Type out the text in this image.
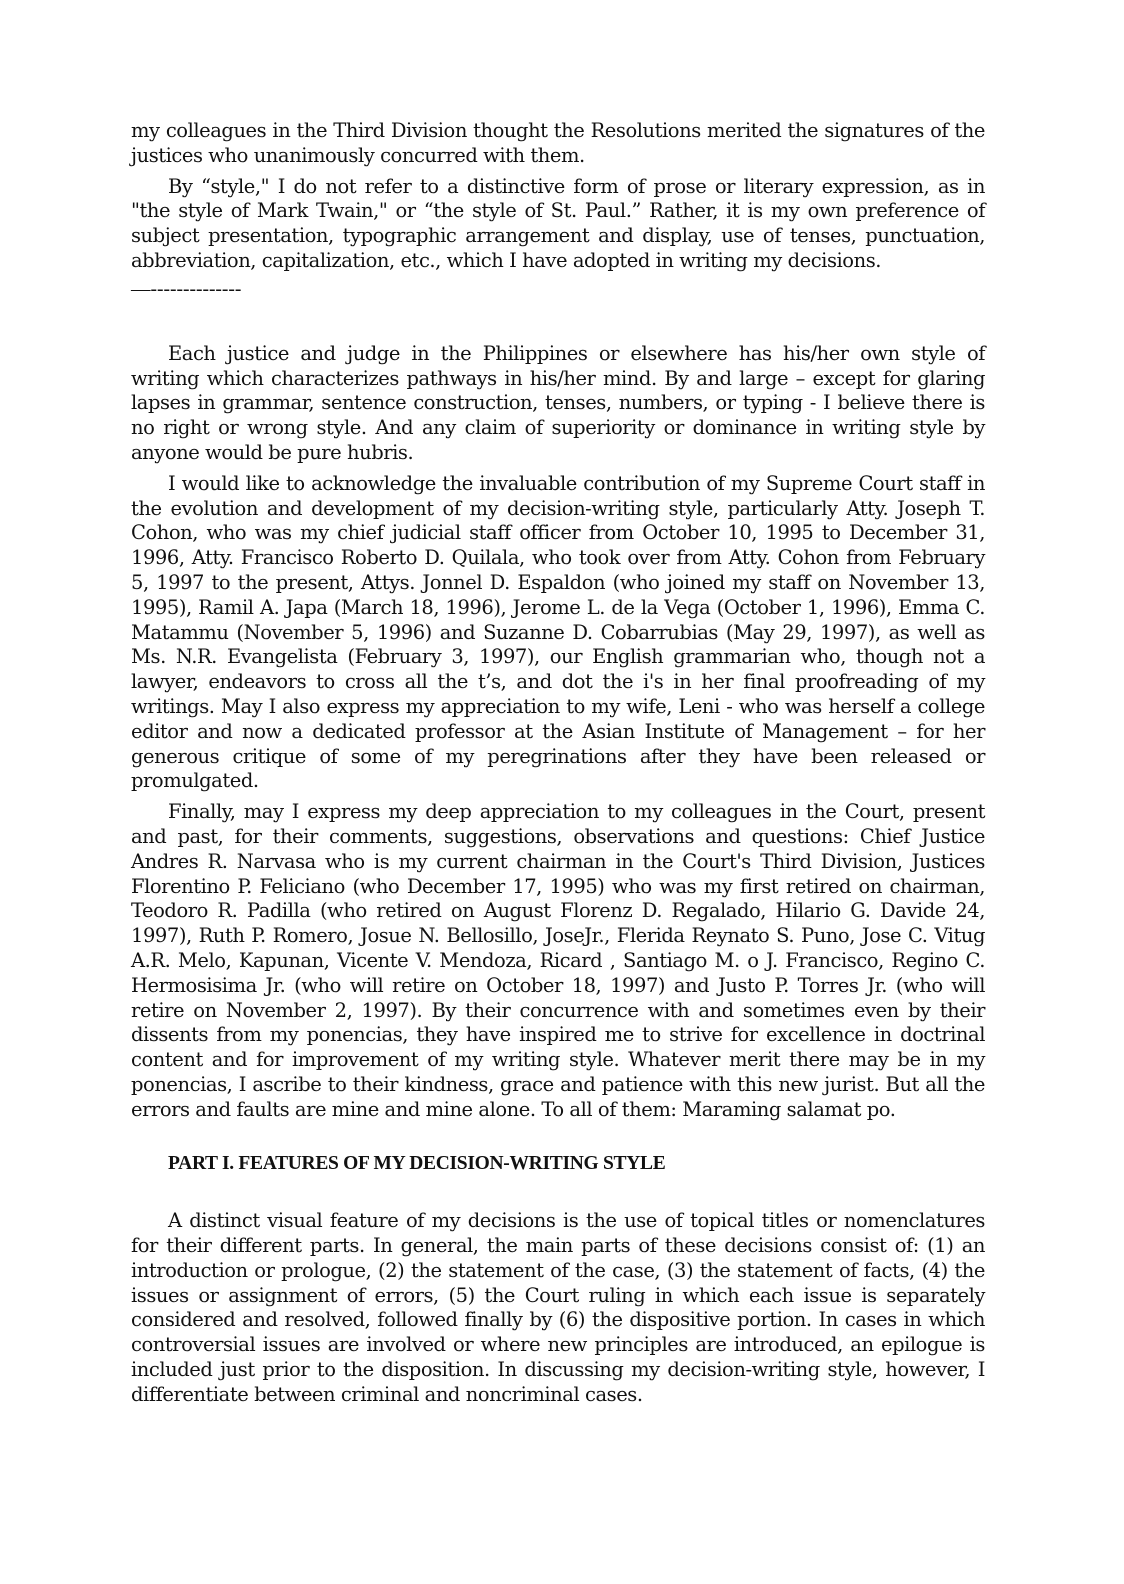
my colleagues in the Third Division thought the Resolutions merited the signatures of the justices who unanimously concurred with them.

By “style," I do not refer to a distinctive form of prose or literary expression, as in "the style of Mark Twain," or “the style of St. Paul.” Rather, it is my own preference of subject presentation, typographic arrangement and display, use of tenses, punctuation, abbreviation, capitalization, etc., which I have adopted in writing my decisions.

—--------------

Each justice and judge in the Philippines or elsewhere has his/her own style of writing which characterizes pathways in his/her mind. By and large – except for glaring lapses in grammar, sentence construction, tenses, numbers, or typing - I believe there is no right or wrong style. And any claim of superiority or dominance in writing style by anyone would be pure hubris.

I would like to acknowledge the invaluable contribution of my Supreme Court staff in the evolution and development of my decision-writing style, particularly Atty. Joseph T. Cohon, who was my chief judicial staff officer from October 10, 1995 to December 31, 1996, Atty. Francisco Roberto D. Quilala, who took over from Atty. Cohon from February 5, 1997 to the present, Attys. Jonnel D. Espaldon (who joined my staff on November 13, 1995), Ramil A. Japa (March 18, 1996), Jerome L. de la Vega (October 1, 1996), Emma C. Matammu (November 5, 1996) and Suzanne D. Cobarrubias (May 29, 1997), as well as Ms. N.R. Evangelista (February 3, 1997), our English grammarian who, though not a lawyer, endeavors to cross all the t’s, and dot the i's in her final proofreading of my writings. May I also express my appreciation to my wife, Leni - who was herself a college editor and now a dedicated professor at the Asian Institute of Management – for her generous critique of some of my peregrinations after they have been released or promulgated.

Finally, may I express my deep appreciation to my colleagues in the Court, present and past, for their comments, suggestions, observations and questions: Chief Justice Andres R. Narvasa who is my current chairman in the Court's Third Division, Justices Florentino P. Feliciano (who December 17, 1995) who was my first retired on chairman, Teodoro R. Padilla (who retired on August Florenz D. Regalado, Hilario G. Davide 24, 1997), Ruth P. Romero, Josue N. Bellosillo, JoseJr., Flerida Reynato S. Puno, Jose C. Vitug A.R. Melo, Kapunan, Vicente V. Mendoza, Ricard , Santiago M. o J. Francisco, Regino C. Hermosisima Jr. (who will retire on October 18, 1997) and Justo P. Torres Jr. (who will retire on November 2, 1997). By their concurrence with and sometimes even by their dissents from my ponencias, they have inspired me to strive for excellence in doctrinal content and for improvement of my writing style. Whatever merit there may be in my ponencias, I ascribe to their kindness, grace and patience with this new jurist. But all the errors and faults are mine and mine alone. To all of them: Maraming salamat po.

PART I. FEATURES OF MY DECISION-WRITING STYLE

A distinct visual feature of my decisions is the use of topical titles or nomenclatures for their different parts. In general, the main parts of these decisions consist of: (1) an introduction or prologue, (2) the statement of the case, (3) the statement of facts, (4) the issues or assignment of errors, (5) the Court ruling in which each issue is separately considered and resolved, followed finally by (6) the dispositive portion. In cases in which controversial issues are involved or where new principles are introduced, an epilogue is included just prior to the disposition. In discussing my decision-writing style, however, I differentiate between criminal and noncriminal cases.
